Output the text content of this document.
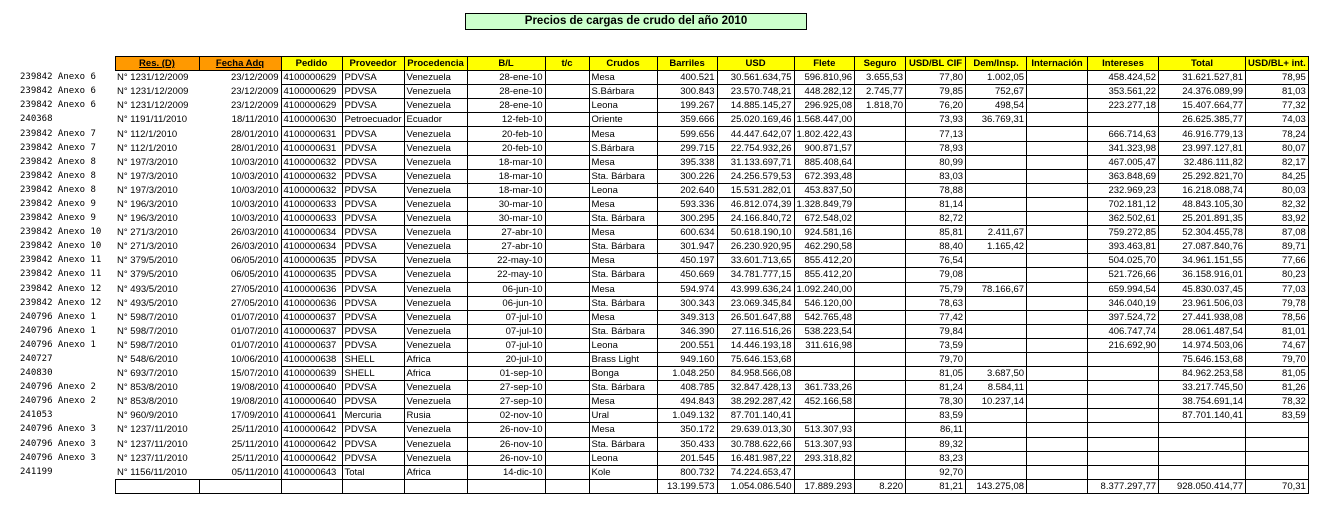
Precios de cargas de crudo del año 2010
	Res. (D)	Fecha Adq	Pedido	Proveedor	Procedencia	B/L	t/c	Crudos	Barriles	USD	Flete	Seguro	USD/BL CIF	Dem/Insp.	Internación	Intereses	Total	USD/BL+ int.
239842 Anexo 6	N° 1231/12/2009	23/12/2009	4100000629	PDVSA	Venezuela	28-ene-10		Mesa	400.521	30.561.634,75	596.810,96	3.655,53	77,80	1.002,05		458.424,52	31.621.527,81	78,95
239842 Anexo 6	N° 1231/12/2009	23/12/2009	4100000629	PDVSA	Venezuela	28-ene-10		S.Bárbara	300.843	23.570.748,21	448.282,12	2.745,77	79,85	752,67		353.561,22	24.376.089,99	81,03
239842 Anexo 6	N° 1231/12/2009	23/12/2009	4100000629	PDVSA	Venezuela	28-ene-10		Leona	199.267	14.885.145,27	296.925,08	1.818,70	76,20	498,54		223.277,18	15.407.664,77	77,32
240368	N° 1191/11/2010	18/11/2010	4100000630	Petroecuador	Ecuador	12-feb-10		Oriente	359.666	25.020.169,46	1.568.447,00		73,93	36.769,31			26.625.385,77	74,03
239842 Anexo 7	N° 112/1/2010	28/01/2010	4100000631	PDVSA	Venezuela	20-feb-10		Mesa	599.656	44.447.642,07	1.802.422,43		77,13			666.714,63	46.916.779,13	78,24
239842 Anexo 7	N° 112/1/2010	28/01/2010	4100000631	PDVSA	Venezuela	20-feb-10		S.Bárbara	299.715	22.754.932,26	900.871,57		78,93			341.323,98	23.997.127,81	80,07
239842 Anexo 8	N° 197/3/2010	10/03/2010	4100000632	PDVSA	Venezuela	18-mar-10		Mesa	395.338	31.133.697,71	885.408,64		80,99			467.005,47	32.486.111,82	82,17
239842 Anexo 8	N° 197/3/2010	10/03/2010	4100000632	PDVSA	Venezuela	18-mar-10		Sta. Bárbara	300.226	24.256.579,53	672.393,48		83,03			363.848,69	25.292.821,70	84,25
239842 Anexo 8	N° 197/3/2010	10/03/2010	4100000632	PDVSA	Venezuela	18-mar-10		Leona	202.640	15.531.282,01	453.837,50		78,88			232.969,23	16.218.088,74	80,03
239842 Anexo 9	N° 196/3/2010	10/03/2010	4100000633	PDVSA	Venezuela	30-mar-10		Mesa	593.336	46.812.074,39	1.328.849,79		81,14			702.181,12	48.843.105,30	82,32
239842 Anexo 9	N° 196/3/2010	10/03/2010	4100000633	PDVSA	Venezuela	30-mar-10		Sta. Bárbara	300.295	24.166.840,72	672.548,02		82,72			362.502,61	25.201.891,35	83,92
239842 Anexo 10	N° 271/3/2010	26/03/2010	4100000634	PDVSA	Venezuela	27-abr-10		Mesa	600.634	50.618.190,10	924.581,16		85,81	2.411,67		759.272,85	52.304.455,78	87,08
239842 Anexo 10	N° 271/3/2010	26/03/2010	4100000634	PDVSA	Venezuela	27-abr-10		Sta. Bárbara	301.947	26.230.920,95	462.290,58		88,40	1.165,42		393.463,81	27.087.840,76	89,71
239842 Anexo 11	N° 379/5/2010	06/05/2010	4100000635	PDVSA	Venezuela	22-may-10		Mesa	450.197	33.601.713,65	855.412,20		76,54			504.025,70	34.961.151,55	77,66
239842 Anexo 11	N° 379/5/2010	06/05/2010	4100000635	PDVSA	Venezuela	22-may-10		Sta. Bárbara	450.669	34.781.777,15	855.412,20		79,08			521.726,66	36.158.916,01	80,23
239842 Anexo 12	N° 493/5/2010	27/05/2010	4100000636	PDVSA	Venezuela	06-jun-10		Mesa	594.974	43.999.636,24	1.092.240,00		75,79	78.166,67		659.994,54	45.830.037,45	77,03
239842 Anexo 12	N° 493/5/2010	27/05/2010	4100000636	PDVSA	Venezuela	06-jun-10		Sta. Bárbara	300.343	23.069.345,84	546.120,00		78,63			346.040,19	23.961.506,03	79,78
240796 Anexo 1	N° 598/7/2010	01/07/2010	4100000637	PDVSA	Venezuela	07-jul-10		Mesa	349.313	26.501.647,88	542.765,48		77,42			397.524,72	27.441.938,08	78,56
240796 Anexo 1	N° 598/7/2010	01/07/2010	4100000637	PDVSA	Venezuela	07-jul-10		Sta. Bárbara	346.390	27.116.516,26	538.223,54		79,84			406.747,74	28.061.487,54	81,01
240796 Anexo 1	N° 598/7/2010	01/07/2010	4100000637	PDVSA	Venezuela	07-jul-10		Leona	200.551	14.446.193,18	311.616,98		73,59			216.692,90	14.974.503,06	74,67
240727	N° 548/6/2010	10/06/2010	4100000638	SHELL	Africa	20-jul-10		Brass Light	949.160	75.646.153,68			79,70				75.646.153,68	79,70
240830	N° 693/7/2010	15/07/2010	4100000639	SHELL	Africa	01-sep-10		Bonga	1.048.250	84.958.566,08			81,05	3.687,50			84.962.253,58	81,05
240796 Anexo 2	N° 853/8/2010	19/08/2010	4100000640	PDVSA	Venezuela	27-sep-10		Sta. Bárbara	408.785	32.847.428,13	361.733,26		81,24	8.584,11			33.217.745,50	81,26
240796 Anexo 2	N° 853/8/2010	19/08/2010	4100000640	PDVSA	Venezuela	27-sep-10		Mesa	494.843	38.292.287,42	452.166,58		78,30	10.237,14			38.754.691,14	78,32
241053	N° 960/9/2010	17/09/2010	4100000641	Mercuria	Rusia	02-nov-10		Ural	1.049.132	87.701.140,41			83,59				87.701.140,41	83,59
240796 Anexo 3	N° 1237/11/2010	25/11/2010	4100000642	PDVSA	Venezuela	26-nov-10		Mesa	350.172	29.639.013,30	513.307,93		86,11					
240796 Anexo 3	N° 1237/11/2010	25/11/2010	4100000642	PDVSA	Venezuela	26-nov-10		Sta. Bárbara	350.433	30.788.622,66	513.307,93		89,32					
240796 Anexo 3	N° 1237/11/2010	25/11/2010	4100000642	PDVSA	Venezuela	26-nov-10		Leona	201.545	16.481.987,22	293.318,82		83,23					
241199	N° 1156/11/2010	05/11/2010	4100000643	Total	Africa	14-dic-10		Kole	800.732	74.224.653,47			92,70					
									13.199.573	1.054.086.540	17.889.293	8.220	81,21	143.275,08		8.377.297,77	928.050.414,77	70,31
